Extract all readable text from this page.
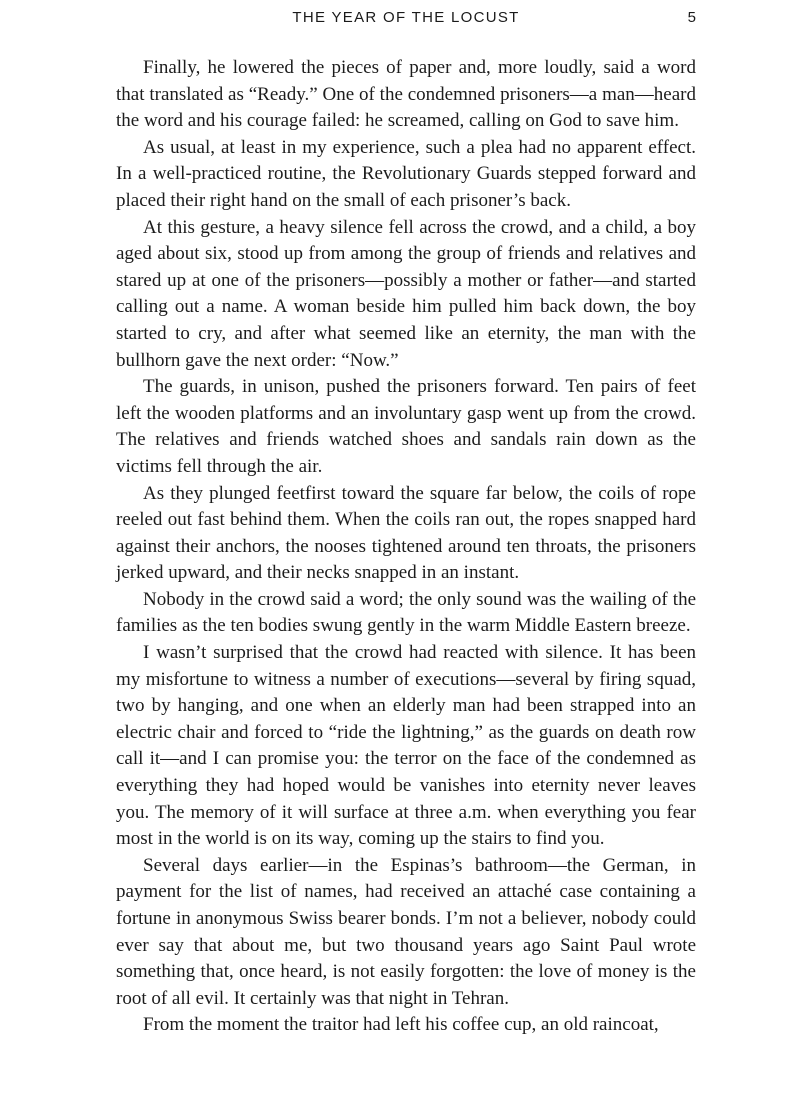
THE YEAR OF THE LOCUST	5

Finally, he lowered the pieces of paper and, more loudly, said a word that translated as “Ready.” One of the condemned prisoners—a man—heard the word and his courage failed: he screamed, calling on God to save him.

As usual, at least in my experience, such a plea had no apparent effect. In a well-practiced routine, the Revolutionary Guards stepped forward and placed their right hand on the small of each prisoner’s back.

At this gesture, a heavy silence fell across the crowd, and a child, a boy aged about six, stood up from among the group of friends and relatives and stared up at one of the prisoners—possibly a mother or father—and started calling out a name. A woman beside him pulled him back down, the boy started to cry, and after what seemed like an eternity, the man with the bullhorn gave the next order: “Now.”

The guards, in unison, pushed the prisoners forward. Ten pairs of feet left the wooden platforms and an involuntary gasp went up from the crowd. The relatives and friends watched shoes and sandals rain down as the victims fell through the air.

As they plunged feetfirst toward the square far below, the coils of rope reeled out fast behind them. When the coils ran out, the ropes snapped hard against their anchors, the nooses tightened around ten throats, the prisoners jerked upward, and their necks snapped in an instant.

Nobody in the crowd said a word; the only sound was the wailing of the families as the ten bodies swung gently in the warm Middle Eastern breeze.

I wasn’t surprised that the crowd had reacted with silence. It has been my misfortune to witness a number of executions—several by firing squad, two by hanging, and one when an elderly man had been strapped into an electric chair and forced to “ride the lightning,” as the guards on death row call it—and I can promise you: the terror on the face of the condemned as everything they had hoped would be vanishes into eternity never leaves you. The memory of it will surface at three a.m. when everything you fear most in the world is on its way, coming up the stairs to find you.

Several days earlier—in the Espinas’s bathroom—the German, in payment for the list of names, had received an attaché case containing a fortune in anonymous Swiss bearer bonds. I’m not a believer, nobody could ever say that about me, but two thousand years ago Saint Paul wrote something that, once heard, is not easily forgotten: the love of money is the root of all evil. It certainly was that night in Tehran.

From the moment the traitor had left his coffee cup, an old raincoat,
